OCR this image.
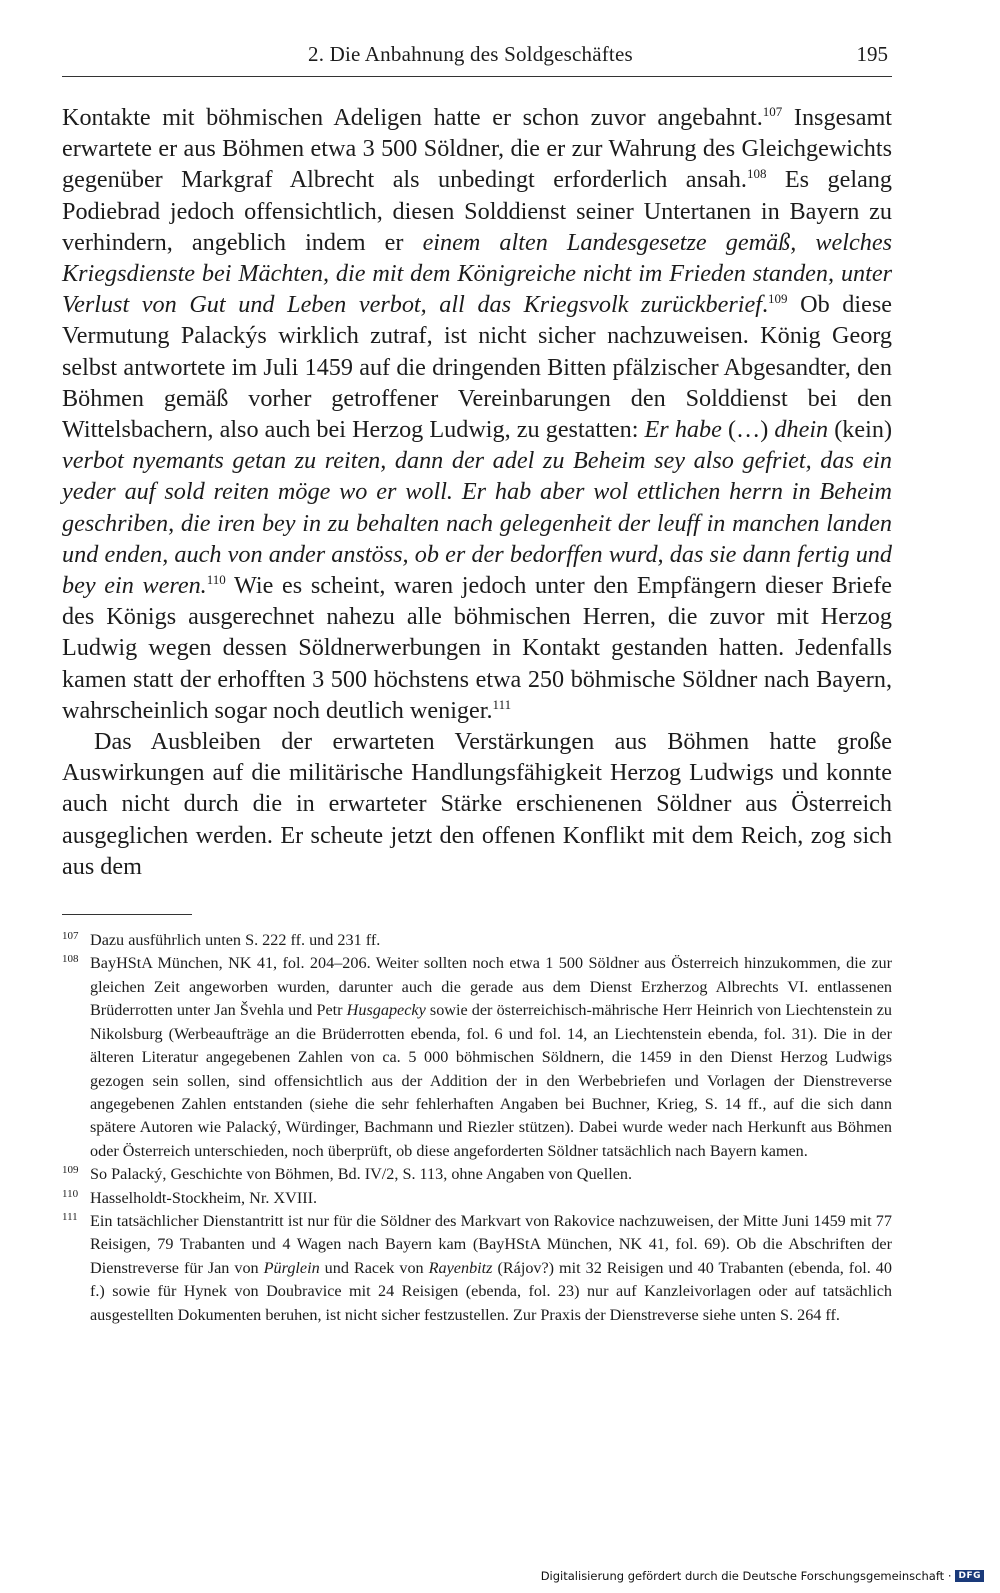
2. Die Anbahnung des Soldgeschäftes	195

Kontakte mit böhmischen Adeligen hatte er schon zuvor angebahnt.$^{107}$ Insgesamt erwartete er aus Böhmen etwa 3 500 Söldner, die er zur Wahrung des Gleichgewichts gegenüber Markgraf Albrecht als unbedingt erforderlich ansah.$^{108}$ Es gelang Podiebrad jedoch offensichtlich, diesen Solddienst seiner Untertanen in Bayern zu verhindern, angeblich indem er einem alten Landesgesetze gemäß, welches Kriegsdienste bei Mächten, die mit dem Königreiche nicht im Frieden standen, unter Verlust von Gut und Leben verbot, all das Kriegsvolk zurückberief.$^{109}$ Ob diese Vermutung Palackýs wirklich zutraf, ist nicht sicher nachzuweisen. König Georg selbst antwortete im Juli 1459 auf die dringenden Bitten pfälzischer Abgesandter, den Böhmen gemäß vorher getroffener Vereinbarungen den Solddienst bei den Wittelsbachern, also auch bei Herzog Ludwig, zu gestatten: Er habe (…) dhein (kein) verbot nyemants getan zu reiten, dann der adel zu Beheim sey also gefriet, das ein yeder auf sold reiten möge wo er woll. Er hab aber wol ettlichen herrn in Beheim geschriben, die iren bey in zu behalten nach gelegenheit der leuff in manchen landen und enden, auch von ander anstöss, ob er der bedorffen wurd, das sie dann fertig und bey ein weren.$^{110}$ Wie es scheint, waren jedoch unter den Empfängern dieser Briefe des Königs ausgerechnet nahezu alle böhmischen Herren, die zuvor mit Herzog Ludwig wegen dessen Söldnerwerbungen in Kontakt gestanden hatten. Jedenfalls kamen statt der erhofften 3 500 höchstens etwa 250 böhmische Söldner nach Bayern, wahrscheinlich sogar noch deutlich weniger.$^{111}$

Das Ausbleiben der erwarteten Verstärkungen aus Böhmen hatte große Auswirkungen auf die militärische Handlungsfähigkeit Herzog Ludwigs und konnte auch nicht durch die in erwarteter Stärke erschienenen Söldner aus Österreich ausgeglichen werden. Er scheute jetzt den offenen Konflikt mit dem Reich, zog sich aus dem

107 Dazu ausführlich unten S. 222 ff. und 231 ff.
108 BayHStA München, NK 41, fol. 204–206. Weiter sollten noch etwa 1 500 Söldner aus Österreich hinzukommen, die zur gleichen Zeit angeworben wurden, darunter auch die gerade aus dem Dienst Erzherzog Albrechts VI. entlassenen Brüderrotten unter Jan Švehla und Petr Husgapecky sowie der österreichisch-mährische Herr Heinrich von Liechtenstein zu Nikolsburg (Werbeaufträge an die Brüderrotten ebenda, fol. 6 und fol. 14, an Liechtenstein ebenda, fol. 31). Die in der älteren Literatur angegebenen Zahlen von ca. 5 000 böhmischen Söldnern, die 1459 in den Dienst Herzog Ludwigs gezogen sein sollen, sind offensichtlich aus der Addition der in den Werbebriefen und Vorlagen der Dienstreverse angegebenen Zahlen entstanden (siehe die sehr fehlerhaften Angaben bei Buchner, Krieg, S. 14 ff., auf die sich dann spätere Autoren wie Palacký, Würdinger, Bachmann und Riezler stützen). Dabei wurde weder nach Herkunft aus Böhmen oder Österreich unterschieden, noch überprüft, ob diese angeforderten Söldner tatsächlich nach Bayern kamen.
109 So Palacký, Geschichte von Böhmen, Bd. IV/2, S. 113, ohne Angaben von Quellen.
110 Hasselholdt-Stockheim, Nr. XVIII.
111 Ein tatsächlicher Dienstantritt ist nur für die Söldner des Markvart von Rakovice nachzuweisen, der Mitte Juni 1459 mit 77 Reisigen, 79 Trabanten und 4 Wagen nach Bayern kam (BayHStA München, NK 41, fol. 69). Ob die Abschriften der Dienstreverse für Jan von Pürglein und Racek von Rayenbitz (Rájov?) mit 32 Reisigen und 40 Trabanten (ebenda, fol. 40 f.) sowie für Hynek von Doubravice mit 24 Reisigen (ebenda, fol. 23) nur auf Kanzleivorlagen oder auf tatsächlich ausgestellten Dokumenten beruhen, ist nicht sicher festzustellen. Zur Praxis der Dienstreverse siehe unten S. 264 ff.
Digitalisierung gefördert durch die Deutsche Forschungsgemeinschaft · DFG
